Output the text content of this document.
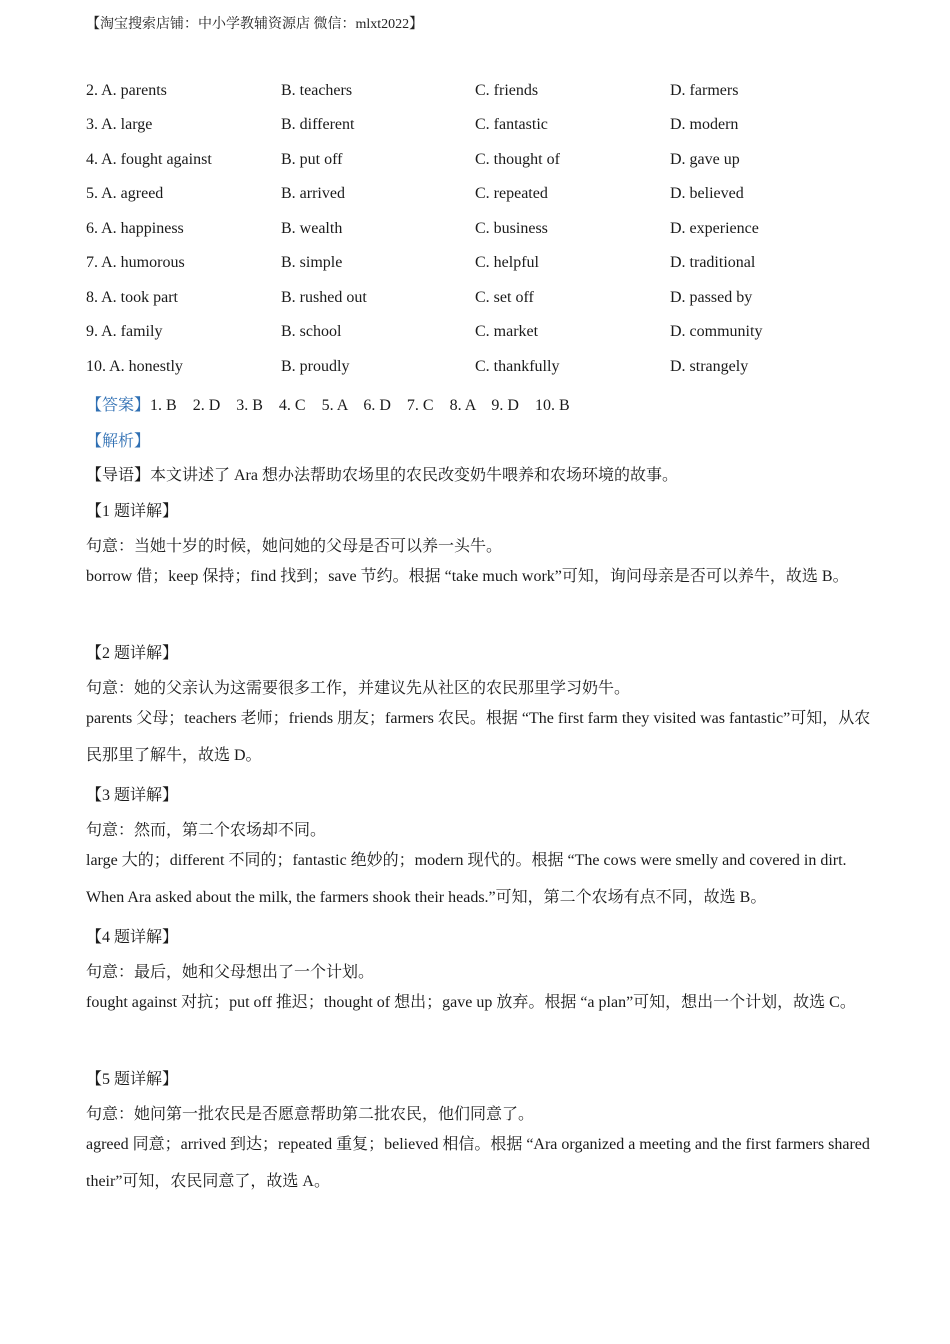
【淘宝搜索店铺：中小学教辅资源店 微信：mlxt2022】
2. A. parents	B. teachers	C. friends	D. farmers
3. A. large	B. different	C. fantastic	D. modern
4. A. fought against	B. put off	C. thought of	D. gave up
5. A. agreed	B. arrived	C. repeated	D. believed
6. A. happiness	B. wealth	C. business	D. experience
7. A. humorous	B. simple	C. helpful	D. traditional
8. A. took part	B. rushed out	C. set off	D. passed by
9. A. family	B. school	C. market	D. community
10. A. honestly	B. proudly	C. thankfully	D. strangely
【答案】1. B    2. D    3. B    4. C    5. A    6. D    7. C    8. A    9. D    10. B
【解析】
【导语】本文讲述了 Ara 想办法帮助农场里的农民改变奶牛喂养和农场环境的故事。
【1 题详解】
句意：当她十岁的时候，她问她的父母是否可以养一头牛。
borrow 借；keep 保持；find 找到；save 节约。根据 “take much work”可知，询问母亲是否可以养牛，故选 B。
【2 题详解】
句意：她的父亲认为这需要很多工作，并建议先从社区的农民那里学习奶牛。
parents 父母；teachers 老师；friends 朋友；farmers 农民。根据 “The first farm they visited was fantastic”可知，从农民那里了解牛，故选 D。
【3 题详解】
句意：然而，第二个农场却不同。
large 大的；different 不同的；fantastic 绝妙的；modern 现代的。根据 “The cows were smelly and covered in dirt. When Ara asked about the milk, the farmers shook their heads.”可知，第二个农场有点不同，故选 B。
【4 题详解】
句意：最后，她和父母想出了一个计划。
fought against 对抗；put off 推迟；thought of 想出；gave up 放弃。根据 “a plan”可知，想出一个计划，故选 C。
【5 题详解】
句意：她问第一批农民是否愿意帮助第二批农民，他们同意了。
agreed 同意；arrived 到达；repeated 重复；believed 相信。根据 “Ara organized a meeting and the first farmers shared their”可知，农民同意了，故选 A。
